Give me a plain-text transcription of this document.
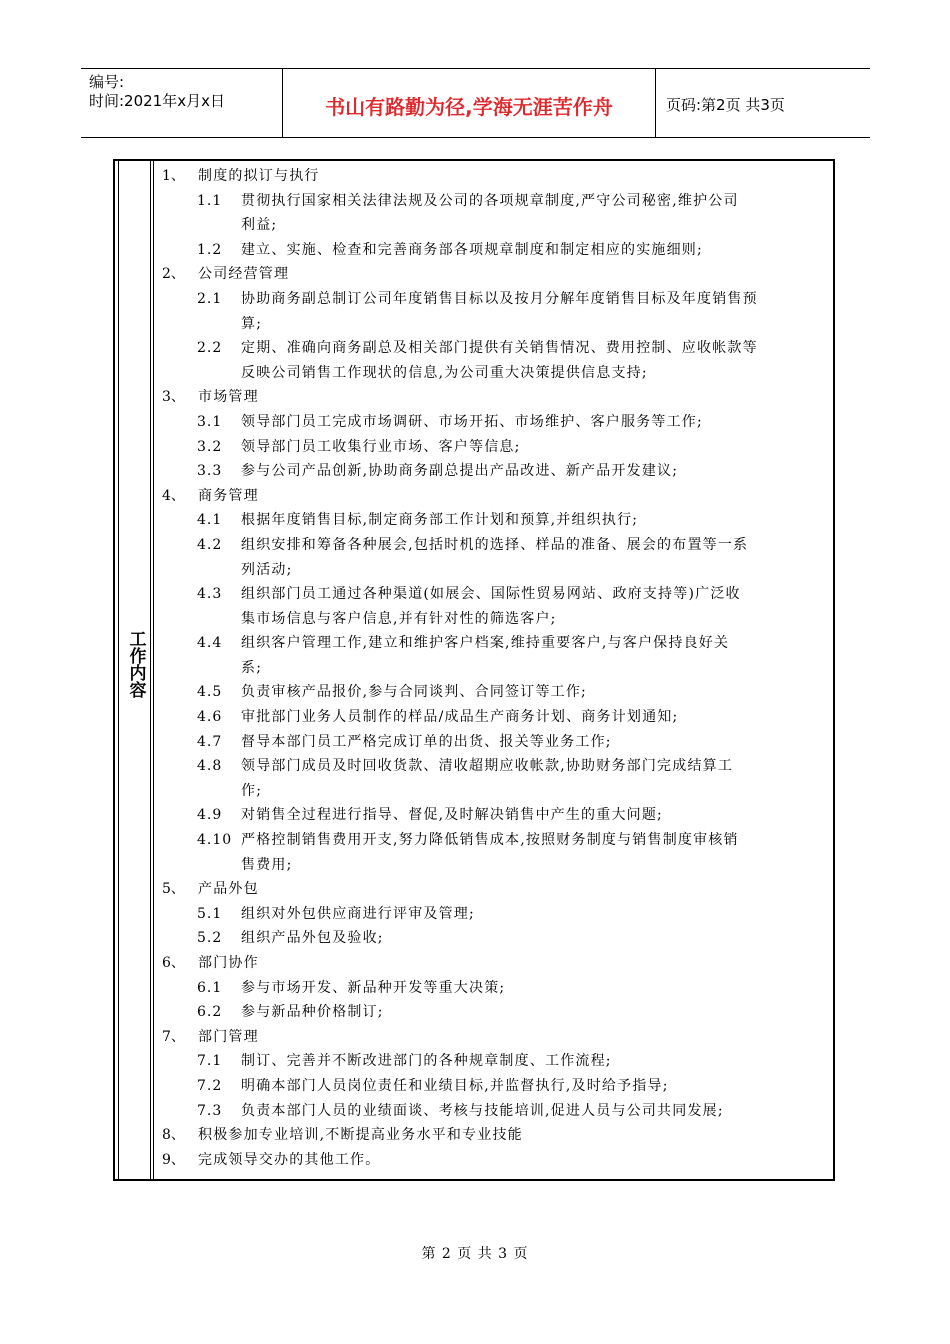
编号:
时间:2021年x月x日	书山有路勤为径,学海无涯苦作舟	页码:第2页 共3页
工作内容
1、 制度的拟订与执行
1.1 贯彻执行国家相关法律法规及公司的各项规章制度,严守公司秘密,维护公司
利益;
1.2 建立、实施、检查和完善商务部各项规章制度和制定相应的实施细则;
2、 公司经营管理
2.1 协助商务副总制订公司年度销售目标以及按月分解年度销售目标及年度销售预
算;
2.2 定期、准确向商务副总及相关部门提供有关销售情况、费用控制、应收帐款等
反映公司销售工作现状的信息,为公司重大决策提供信息支持;
3、 市场管理
3.1 领导部门员工完成市场调研、市场开拓、市场维护、客户服务等工作;
3.2 领导部门员工收集行业市场、客户等信息;
3.3 参与公司产品创新,协助商务副总提出产品改进、新产品开发建议;
4、 商务管理
4.1 根据年度销售目标,制定商务部工作计划和预算,并组织执行;
4.2 组织安排和筹备各种展会,包括时机的选择、样品的准备、展会的布置等一系
列活动;
4.3 组织部门员工通过各种渠道(如展会、国际性贸易网站、政府支持等)广泛收
集市场信息与客户信息,并有针对性的筛选客户;
4.4 组织客户管理工作,建立和维护客户档案,维持重要客户,与客户保持良好关
系;
4.5 负责审核产品报价,参与合同谈判、合同签订等工作;
4.6 审批部门业务人员制作的样品/成品生产商务计划、商务计划通知;
4.7 督导本部门员工严格完成订单的出货、报关等业务工作;
4.8 领导部门成员及时回收货款、清收超期应收帐款,协助财务部门完成结算工
作;
4.9 对销售全过程进行指导、督促,及时解决销售中产生的重大问题;
4.10 严格控制销售费用开支,努力降低销售成本,按照财务制度与销售制度审核销
售费用;
5、 产品外包
5.1 组织对外包供应商进行评审及管理;
5.2 组织产品外包及验收;
6、 部门协作
6.1 参与市场开发、新品种开发等重大决策;
6.2 参与新品种价格制订;
7、 部门管理
7.1 制订、完善并不断改进部门的各种规章制度、工作流程;
7.2 明确本部门人员岗位责任和业绩目标,并监督执行,及时给予指导;
7.3 负责本部门人员的业绩面谈、考核与技能培训,促进人员与公司共同发展;
8、 积极参加专业培训,不断提高业务水平和专业技能
9、 完成领导交办的其他工作。
第 2 页 共 3 页
